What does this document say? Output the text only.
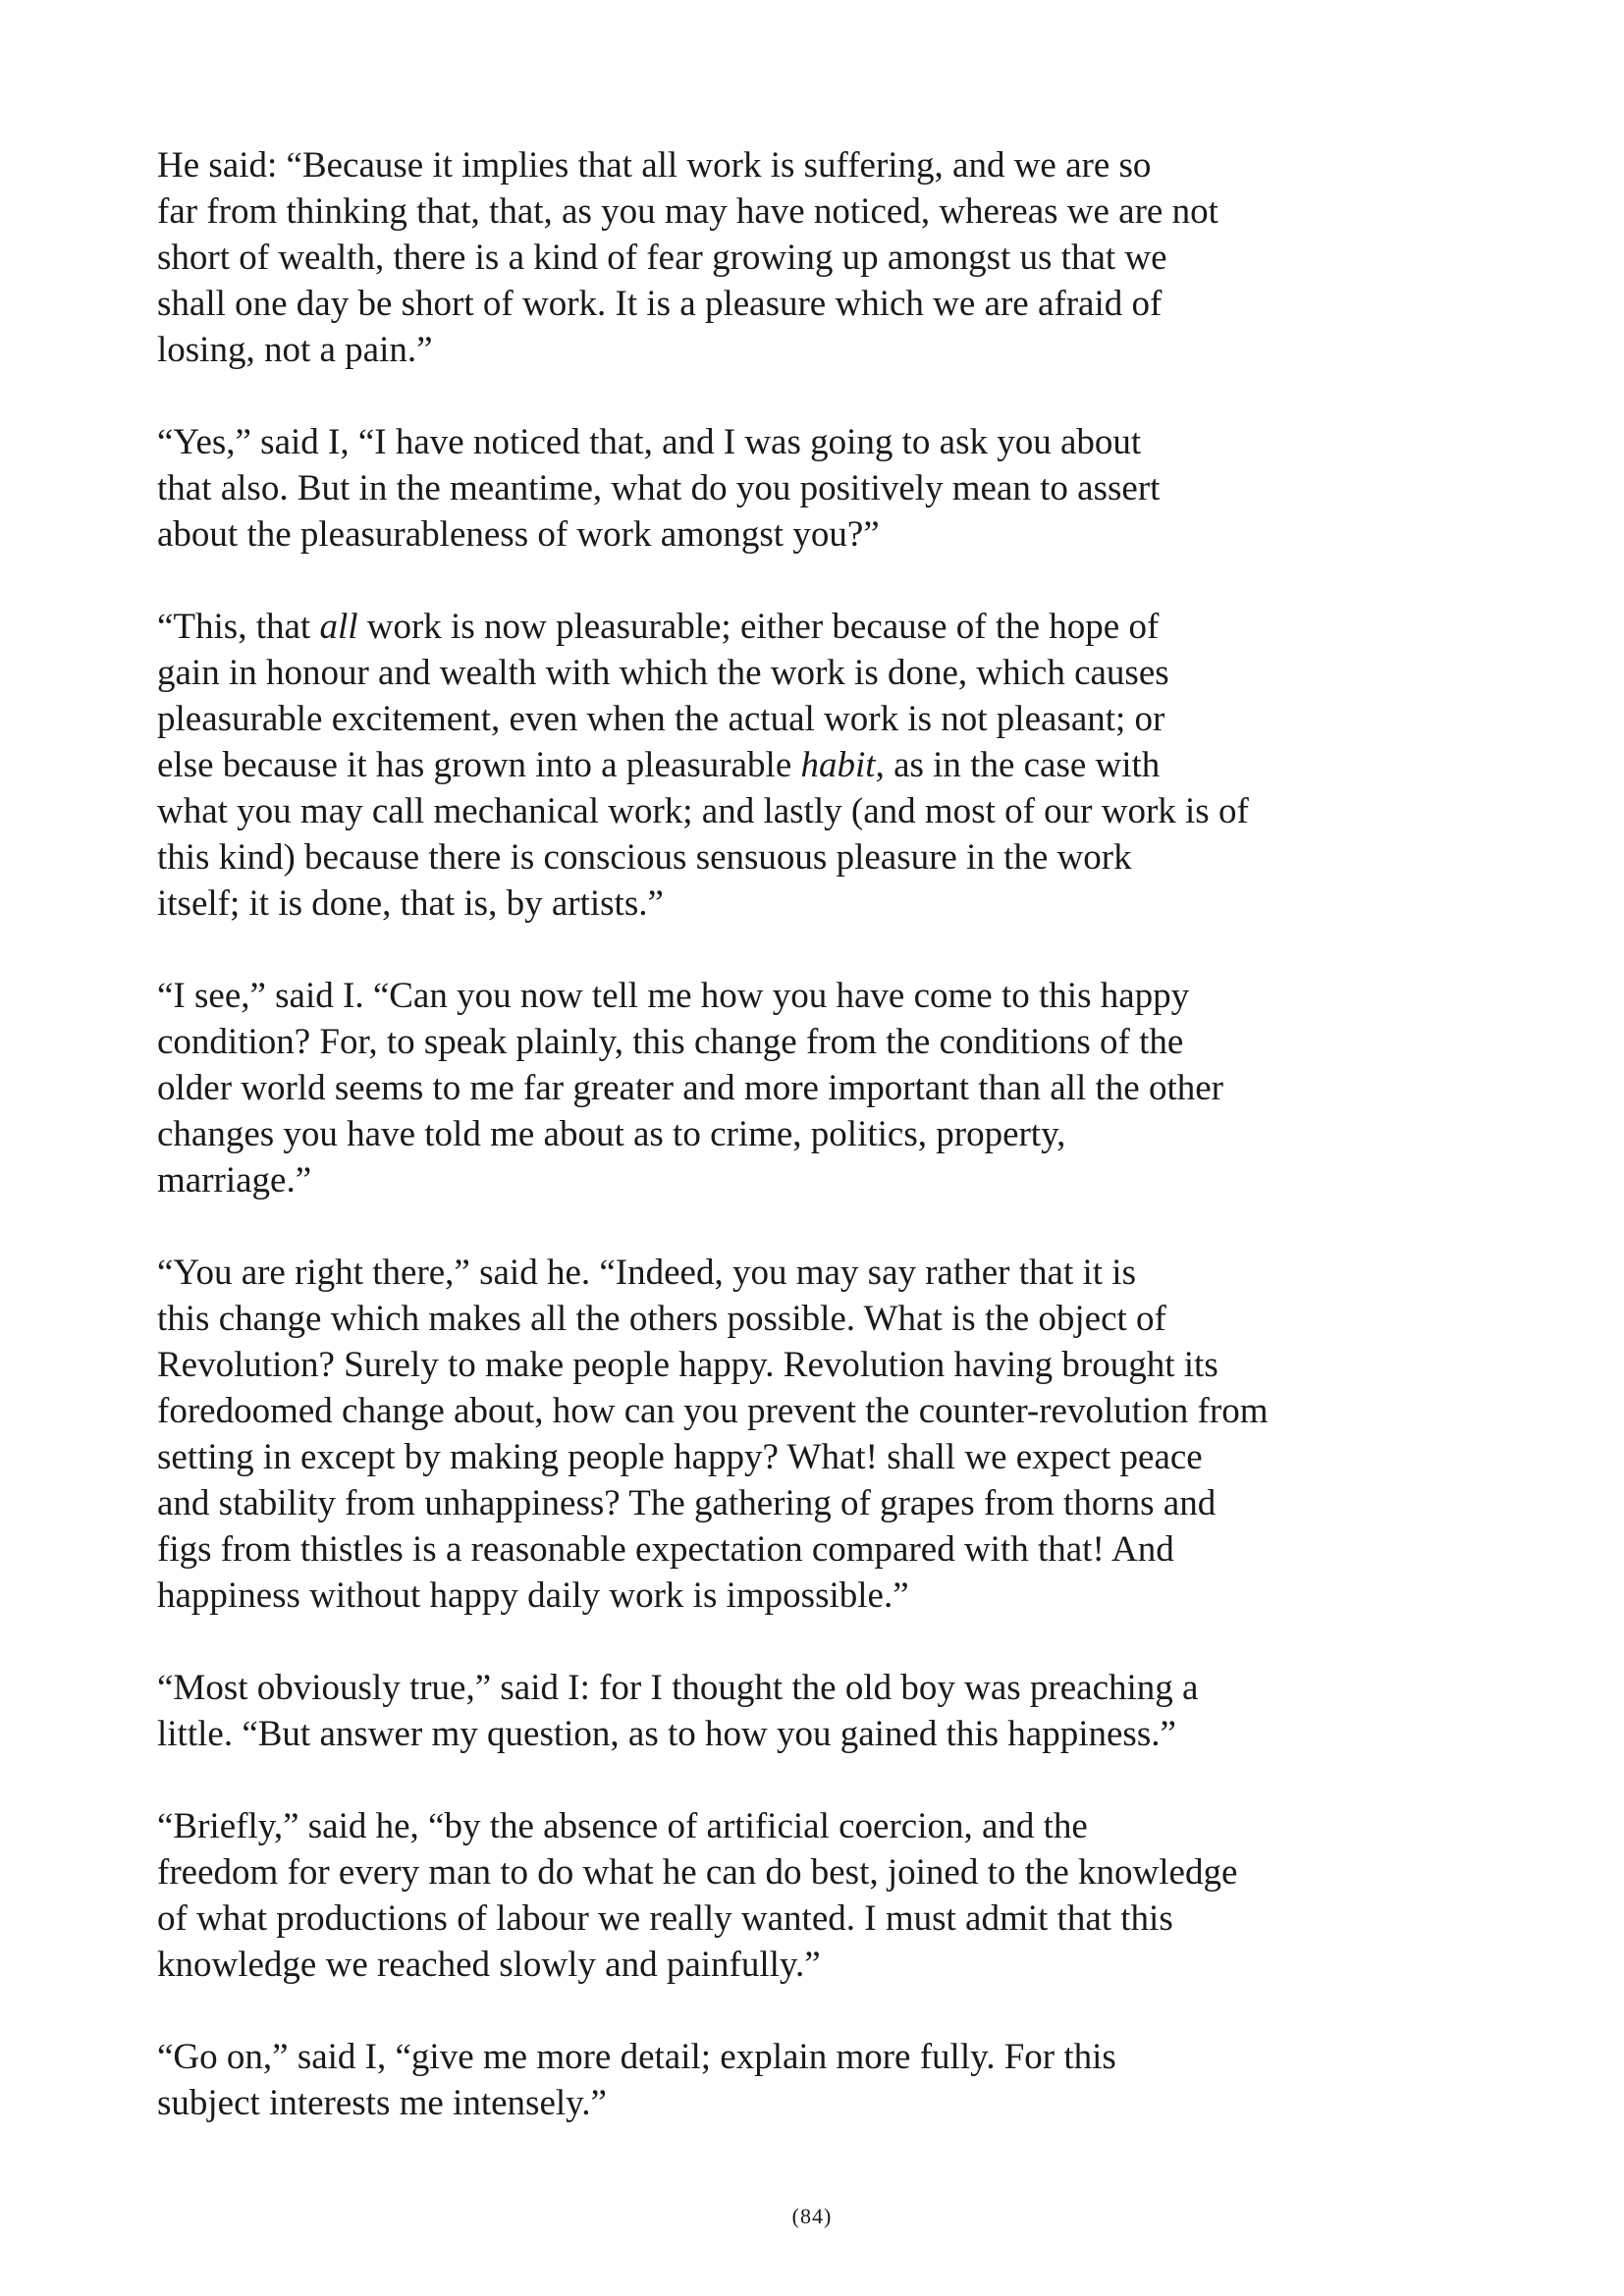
He said: “Because it implies that all work is suffering, and we are so
far from thinking that, that, as you may have noticed, whereas we are not
short of wealth, there is a kind of fear growing up amongst us that we
shall one day be short of work. It is a pleasure which we are afraid of
losing, not a pain.”

“Yes,” said I, “I have noticed that, and I was going to ask you about
that also. But in the meantime, what do you positively mean to assert
about the pleasurableness of work amongst you?”

“This, that all work is now pleasurable; either because of the hope of
gain in honour and wealth with which the work is done, which causes
pleasurable excitement, even when the actual work is not pleasant; or
else because it has grown into a pleasurable habit, as in the case with
what you may call mechanical work; and lastly (and most of our work is of
this kind) because there is conscious sensuous pleasure in the work
itself; it is done, that is, by artists.”

“I see,” said I. “Can you now tell me how you have come to this happy
condition? For, to speak plainly, this change from the conditions of the
older world seems to me far greater and more important than all the other
changes you have told me about as to crime, politics, property,
marriage.”

“You are right there,” said he. “Indeed, you may say rather that it is
this change which makes all the others possible. What is the object of
Revolution? Surely to make people happy. Revolution having brought its
foredoomed change about, how can you prevent the counter-revolution from
setting in except by making people happy? What! shall we expect peace
and stability from unhappiness? The gathering of grapes from thorns and
figs from thistles is a reasonable expectation compared with that! And
happiness without happy daily work is impossible.”

“Most obviously true,” said I: for I thought the old boy was preaching a
little. “But answer my question, as to how you gained this happiness.”

“Briefly,” said he, “by the absence of artificial coercion, and the
freedom for every man to do what he can do best, joined to the knowledge
of what productions of labour we really wanted. I must admit that this
knowledge we reached slowly and painfully.”

“Go on,” said I, “give me more detail; explain more fully. For this
subject interests me intensely.”

(84)
